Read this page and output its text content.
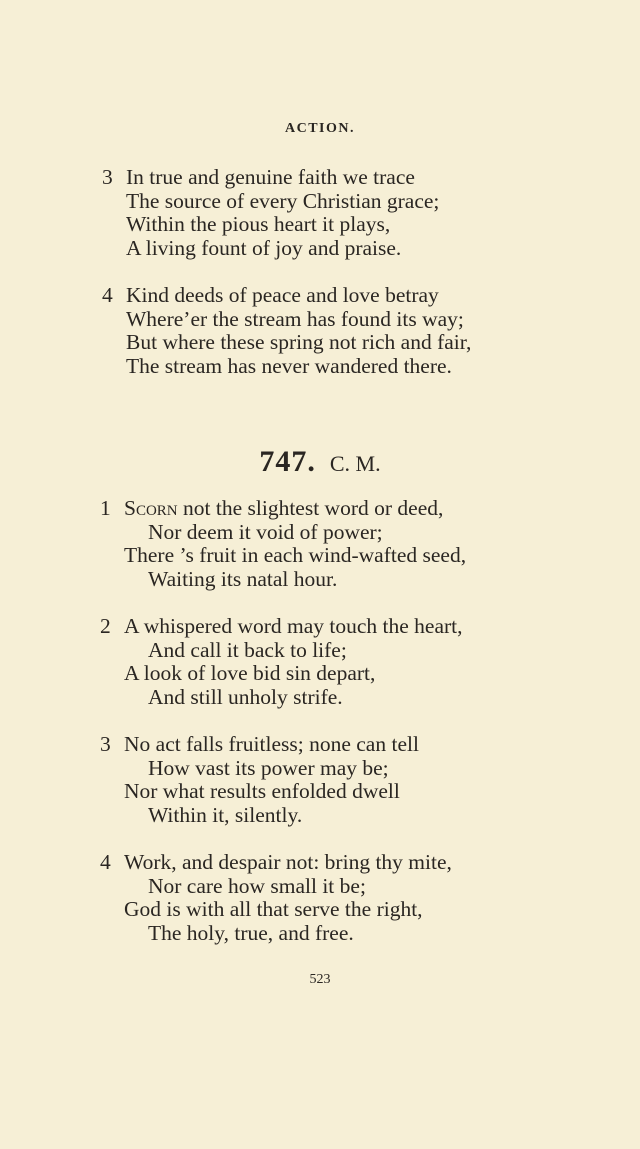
ACTION.
3 In true and genuine faith we trace
The source of every Christian grace;
Within the pious heart it plays,
A living fount of joy and praise.
4 Kind deeds of peace and love betray
Where’er the stream has found its way;
But where these spring not rich and fair,
The stream has never wandered there.
747. C. M.
1 Scorn not the slightest word or deed,
Nor deem it void of power;
There ’s fruit in each wind-wafted seed,
Waiting its natal hour.
2 A whispered word may touch the heart,
And call it back to life;
A look of love bid sin depart,
And still unholy strife.
3 No act falls fruitless; none can tell
How vast its power may be;
Nor what results enfolded dwell
Within it, silently.
4 Work, and despair not: bring thy mite,
Nor care how small it be;
God is with all that serve the right,
The holy, true, and free.
523
